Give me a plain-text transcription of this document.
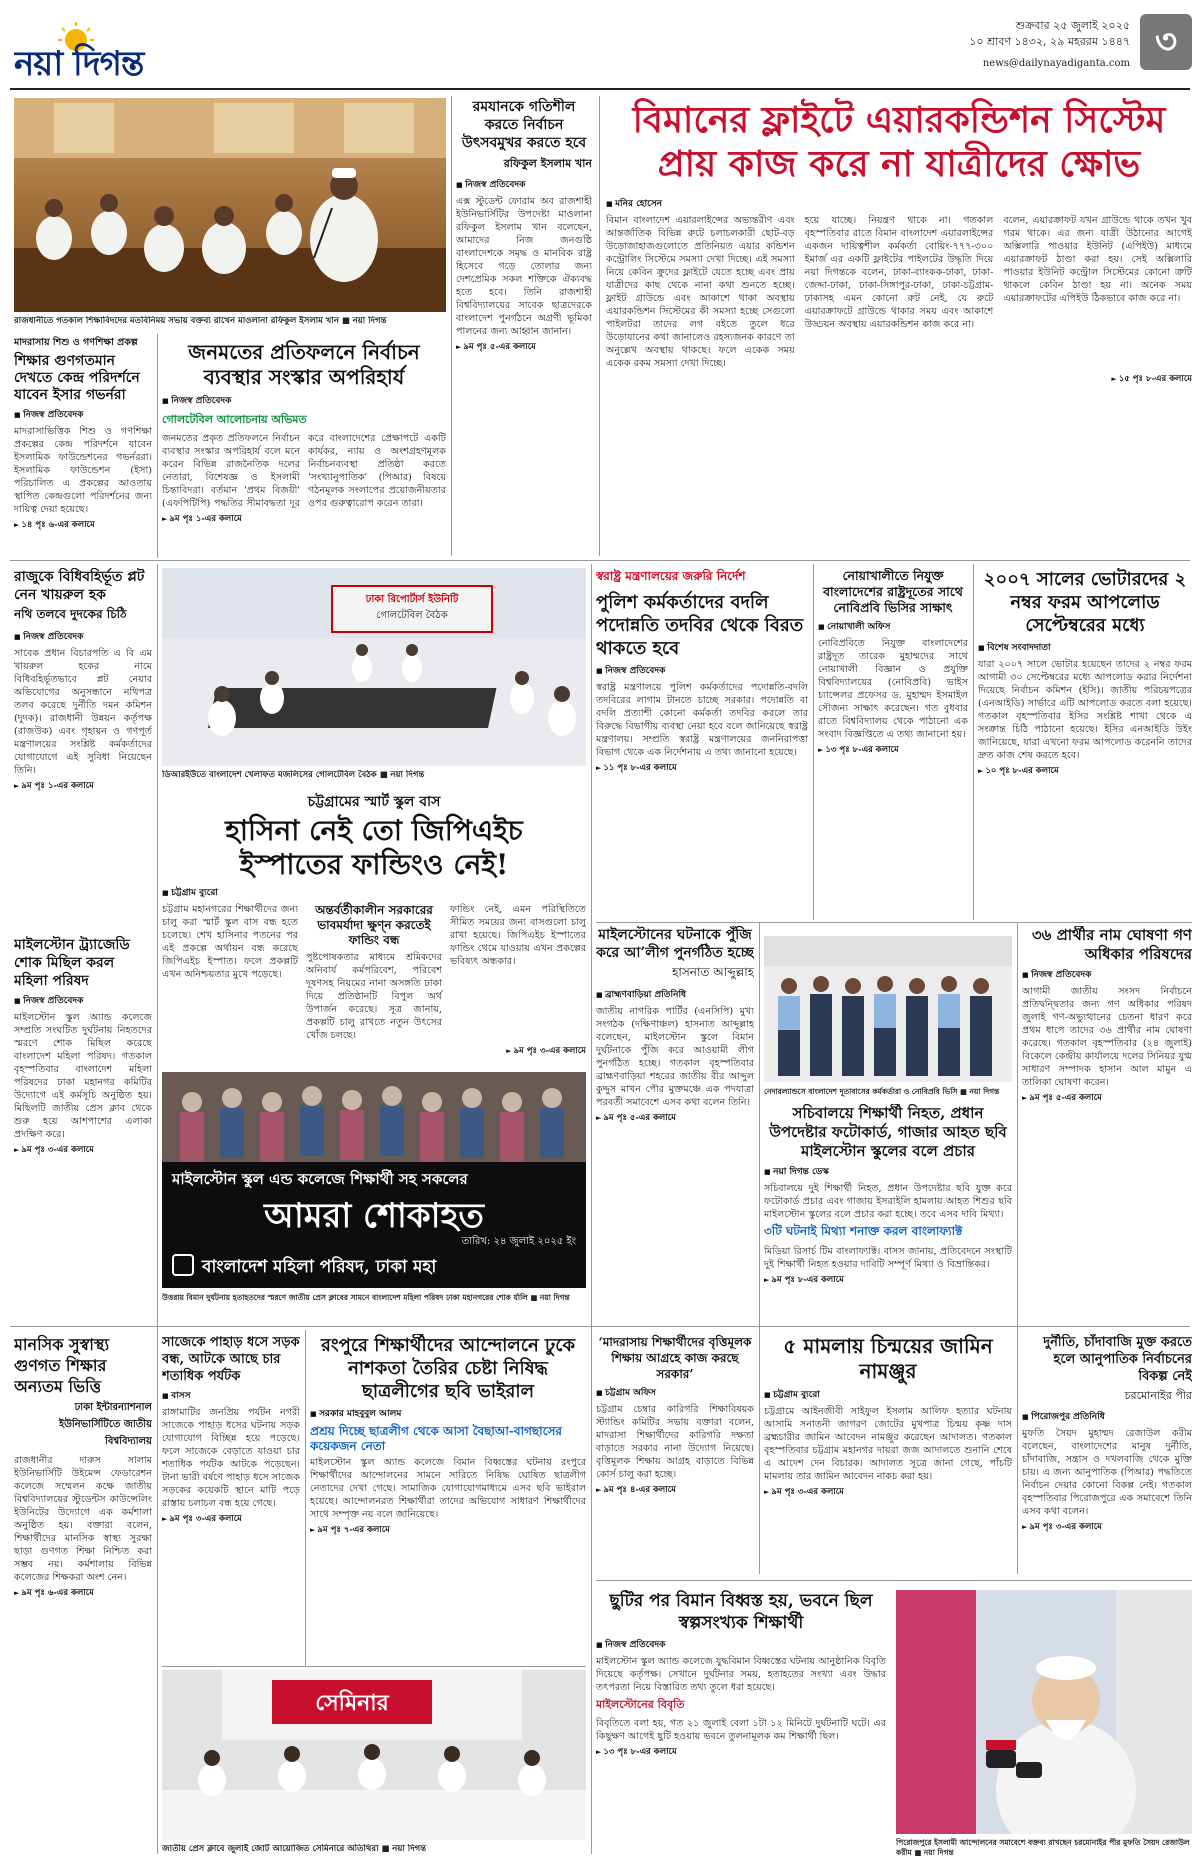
নয়া দিগন্ত
শুক্রবার ২৫ জুলাই ২০২৫
১০ শ্রাবণ ১৪৩২, ২৯ মহররম ১৪৪৭
news@dailynayadiganta.com
৩
রাজধানীতে গতকাল শিক্ষাবিদদের মতবিনিময় সভায় বক্তব্য রাখেন মাওলানা রফিকুল ইসলাম খান ■ নয়া দিগন্ত
রমযানকে গতিশীল করতে নির্বাচন উৎসবমুখর করতে হবে
রফিকুল ইসলাম খান
■ নিজস্ব প্রতিবেদক
এক্স স্টুডেন্ট ফোরাম অব রাজশাহী ইউনিভার্সিটির উপদেষ্টা মাওলানা রফিকুল ইসলাম খান বলেছেন, আমাদের নিজ জনগুষ্ঠি বাংলাদেশকে সমৃদ্ধ ও মানবিক রাষ্ট্র হিসেবে গড়ে তোলার জন্য দেশপ্রেমিক সকল শক্তিকে ঐক্যবদ্ধ হতে হবে। তিনি রাজশাহী বিশ্ববিদ্যালয়ের সাবেক ছাত্রদেরকে বাংলাদেশ পুনর্গঠনে অগ্রণী ভূমিকা পালনের জন্য আহ্বান জানান।
► ৯ম পৃঃ ৫-এর কলামে
মাদরাসায় শিশু ও গণশিক্ষা প্রকল্প
শিক্ষার গুণগতমান দেখতে কেন্দ্র পরিদর্শনে যাবেন ইসার গভর্নরা
■ নিজস্ব প্রতিবেদক
মাদরাসাভিত্তিক শিশু ও গণশিক্ষা প্রকল্পের কেন্দ্র পরিদর্শনে যাবেন ইসলামিক ফাউন্ডেশনের গভর্নররা। ইসলামিক ফাউন্ডেশন (ইসা) পরিচালিত এ প্রকল্পের আওতায় স্থাপিত কেন্দ্রগুলো পরিদর্শনের জন্য দায়িত্ব দেয়া হয়েছে।
► ১৪ পৃঃ ৬-এর কলামে
জনমতের প্রতিফলনে নির্বাচন ব্যবস্থার সংস্কার অপরিহার্য
■ নিজস্ব প্রতিবেদক
গোলটেবিল আলোচনায় অভিমত
জনমতের প্রকৃত প্রতিফলনে নির্বাচন ব্যবস্থার সংস্কার অপরিহার্য বলে মনে করেন বিভিন্ন রাজনৈতিক দলের নেতারা, বিশেষজ্ঞ ও ইসলামী চিন্তাবিদরা। বর্তমান 'প্রথম বিজয়ী' (এফপিটিপি) পদ্ধতির সীমাবদ্ধতা দূর করে বাংলাদেশের প্রেক্ষাপটে একটি কার্যকর, ন্যায় ও অংশগ্রহণমূলক নির্বাচনব্যবস্থা প্রতিষ্ঠা করতে 'সংখ্যানুপাতিক' (পিআর) বিষয়ে গঠনমূলক সংলাপের প্রয়োজনীয়তার ওপর গুরুত্বারোপ করেন তারা।
► ৯ম পৃঃ ১-এর কলামে
বিমানের ফ্লাইটে এয়ারকন্ডিশন সিস্টেম
প্রায় কাজ করে না যাত্রীদের ক্ষোভ
■ মনির হোসেন
বিমান বাংলাদেশ এয়ারলাইন্সের অভ্যন্তরীণ এবং আন্তর্জাতিক বিভিন্ন রুটে চলাচলকারী ছোট-বড় উড়োজাহাজগুলোতে প্রতিনিয়ত এয়ার কন্ডিশন কন্ট্রোলিং সিস্টেমে সমস্যা দেখা দিচ্ছে। এই সমস্যা নিয়ে কেবিন ক্রুদের ফ্লাইটে যেতে হচ্ছে এবং প্রায় যাত্রীদের কাছ থেকে নানা কথা শুনতে হচ্ছে। ফ্লাইট গ্রাউন্ডে এবং আকাশে থাকা অবস্থায় এয়ারকন্ডিশন সিস্টেমের কী সমস্যা হচ্ছে সেগুলো পাইলটরা তাদের লগ বইতে তুলে ধরে উড়োযানের কথা জানালেও রহস্যজনক কারণে তা অনুল্লেখ অবস্থায় থাকছে। ফলে একেক সময় একেক রকম সমস্যা দেখা দিচ্ছে।
হয়ে যাচ্ছে। নিয়ন্ত্রণ থাকে না। গতকাল বৃহস্পতিবার রাতে বিমান বাংলাদেশ এয়ারলাইন্সের একজন দায়িত্বশীল কর্মকর্তা বোয়িং-৭৭৭-৩০০ ইমার্জ এর একটি ফ্লাইটের পাইলটের উদ্ধৃতি দিয়ে নয়া দিগন্তকে বলেন, ঢাকা-ব্যাংকক-ঢাকা, ঢাকা-জেদ্দা-ঢাকা, ঢাকা-সিঙ্গাপুর-ঢাকা, ঢাকা-চট্টগ্রাম-ঢাকাসহ এমন কোনো রুট নেই, যে রুটে এয়ারক্রাফটে গ্রাউন্ডে থাকার সময় এবং আকাশে উড্ডয়ন অবস্থায় এয়ারকন্ডিশন কাজ করে না।
বলেন, এয়ারক্রাফট যখন গ্রাউন্ডে থাকে তখন খুব গরম থাকে। এর জন্য যাত্রী উঠানোর আগেই অক্সিলারি পাওয়ার ইউনিট (এপিইউ) মাধ্যমে এয়ারক্রাফট ঠাণ্ডা করা হয়। সেই অক্সিলারি পাওয়ার ইউনিট কন্ট্রোল সিস্টেমের কোনো ত্রুটি থাকলে কেবিন ঠাণ্ডা হয় না। অনেক সময় এয়ারক্রাফটের এপিইউ ঠিকভাবে কাজ করে না।
► ১৫ পৃঃ ৮-এর কলামে
রাজুকে বিধিবহির্ভূত প্লট নেন খায়রুল হক
নথি তলবে দুদকের চিঠি
■ নিজস্ব প্রতিবেদক
সাবেক প্রধান বিচারপতি এ বি এম খায়রুল হকের নামে বিধিবহির্ভূতভাবে প্লট নেয়ার অভিযোগের অনুসন্ধানে নথিপত্র তলব করেছে দুর্নীতি দমন কমিশন (দুদক)। রাজধানী উন্নয়ন কর্তৃপক্ষ (রাজউক) এবং গৃহায়ন ও গণপূর্ত মন্ত্রণালয়ের সংশ্লিষ্ট কর্মকর্তাদের যোগাযোগে এই সুবিধা নিয়েছেন তিনি।
► ৯ম পৃঃ ১-এর কলামে
ঢাকা রিপোর্টার্স ইউনিটি
গোলটেবিল বৈঠক
ডিআরইউতে বাংলাদেশ খেলাফত মজলিসের গোলটেবিল বৈঠক ■ নয়া দিগন্ত
স্বরাষ্ট্র মন্ত্রণালয়ের জরুরি নির্দেশ
পুলিশ কর্মকর্তাদের বদলি পদোন্নতি তদবির থেকে বিরত থাকতে হবে
■ নিজস্ব প্রতিবেদক
স্বরাষ্ট্র মন্ত্রণালয়ে পুলিশ কর্মকর্তাদের পদোন্নতি-বদলি তদবিরের লাগাম টানতে চাচ্ছে সরকার। পদোন্নতি বা বদলি প্রত্যাশী কোনো কর্মকর্তা তদবির করলে তার বিরুদ্ধে বিভাগীয় ব্যবস্থা নেয়া হবে বলে জানিয়েছে স্বরাষ্ট্র মন্ত্রণালয়। সম্প্রতি স্বরাষ্ট্র মন্ত্রণালয়ের জননিরাপত্তা বিভাগ থেকে এক নির্দেশনায় এ তথ্য জানানো হয়েছে।
► ১১ পৃঃ ৮-এর কলামে
নোয়াখালীতে নিযুক্ত বাংলাদেশের রাষ্ট্রদূতের সাথে নোবিপ্রবি ভিসির সাক্ষাৎ
■ নোয়াখালী অফিস
নোবিপ্রবিতে নিযুক্ত বাংলাদেশের রাষ্ট্রদূত তারেক মুহাম্মদের সাথে নোয়াখালী বিজ্ঞান ও প্রযুক্তি বিশ্ববিদ্যালয়ের (নোবিপ্রবি) ভাইস চ্যান্সেলর প্রফেসর ড. মুহাম্মদ ইসমাইল সৌজন্য সাক্ষাৎ করেছেন। গত বুধবার রাতে বিশ্ববিদ্যালয় থেকে পাঠানো এক সংবাদ বিজ্ঞপ্তিতে এ তথ্য জানানো হয়।
► ১৩ পৃঃ ৮-এর কলামে
২০০৭ সালের ভোটারদের ২ নম্বর ফরম আপলোড সেপ্টেম্বরের মধ্যে
■ বিশেষ সংবাদদাতা
যারা ২০০৭ সালে ভোটার হয়েছেন তাদের ২ নম্বর ফরম আগামী ৩০ সেপ্টেম্বরের মধ্যে আপলোড করার নির্দেশনা দিয়েছে নির্বাচন কমিশন (ইসি)। জাতীয় পরিচয়পত্রের (এনআইডি) সার্ভারে এটি আপলোড করতে বলা হয়েছে। গতকাল বৃহস্পতিবার ইসির সংশ্লিষ্ট শাখা থেকে এ সংক্রান্ত চিঠি পাঠানো হয়েছে। ইসির এনআইডি উইং জানিয়েছে, যারা এখনো ফরম আপলোড করেননি তাদের দ্রুত কাজ শেষ করতে হবে।
► ১০ পৃঃ ৮-এর কলামে
চট্টগ্রামের স্মার্ট স্কুল বাস
হাসিনা নেই তো জিপিএইচ
ইস্পাতের ফান্ডিংও নেই!
■ চট্টগ্রাম ব্যুরো
চট্টগ্রাম মহানগরের শিক্ষার্থীদের জন্য চালু করা স্মার্ট স্কুল বাস বন্ধ হতে চলেছে। শেখ হাসিনার পতনের পর এই প্রকল্পে অর্থায়ন বন্ধ করেছে জিপিএইচ ইস্পাত। ফলে প্রকল্পটি এখন অনিশ্চয়তার মুখে পড়েছে।
অন্তর্বর্তীকালীন সরকারের ভাবমর্যাদা ক্ষুণ্ন করতেই ফান্ডিং বন্ধ
পুষ্টপোষকতার মাধ্যমে শ্রমিকদের অনিবার্য কর্মপরিবেশ, পরিবেশ দূষণসহ নিয়মের নানা অসঙ্গতি ঢাকা দিয়ে প্রতিষ্ঠানটি বিপুল অর্থ উপার্জন করেছে। সূত্র জানায়, প্রকল্পটি চালু রাখতে নতুন উৎসের খোঁজ চলছে।
ফান্ডিং নেই, এমন পরিস্থিতিতে সীমিত সময়ের জন্য বাসগুলো চালু রাখা হয়েছে। জিপিএইচ ইস্পাতের ফান্ডিং থেমে যাওয়ায় এখন প্রকল্পের ভবিষ্যৎ অন্ধকার।
► ৯ম পৃঃ ৩-এর কলামে
মাইলস্টোন ট্র্যাজেডি শোক মিছিল করল মহিলা পরিষদ
■ নিজস্ব প্রতিবেদক
মাইলস্টোন স্কুল অ্যান্ড কলেজে সম্প্রতি সংঘটিত দুর্ঘটনায় নিহতদের স্মরণে শোক মিছিল করেছে বাংলাদেশ মহিলা পরিষদ। গতকাল বৃহস্পতিবার বাংলাদেশ মহিলা পরিষদের ঢাকা মহানগর কমিটির উদ্যোগে এই কর্মসূচি অনুষ্ঠিত হয়। মিছিলটি জাতীয় প্রেস ক্লাব থেকে শুরু হয়ে আশপাশের এলাকা প্রদক্ষিণ করে।
► ৯ম পৃঃ ৩-এর কলামে
মাইলস্টোনের ঘটনাকে পুঁজি করে আ’লীগ পুনর্গঠিত হচ্ছে
হাসনাত আব্দুল্লাহ
■ ব্রাহ্মণবাড়িয়া প্রতিনিধি
জাতীয় নাগরিক পার্টির (এনসিপি) মুখ্য সংগঠক (দক্ষিণাঞ্চল) হাসনাত আব্দুল্লাহ বলেছেন, মাইলস্টোন স্কুলে বিমান দুর্ঘটনাকে পুঁজি করে আওয়ামী লীগ পুনর্গঠিত হচ্ছে। গতকাল বৃহস্পতিবার ব্রাহ্মণবাড়িয়া শহরের জাতীয় বীর আব্দুল কুদ্দুস মাখন পৌর মুক্তমঞ্চে এক পদযাত্রা পরবর্তী সমাবেশে এসব কথা বলেন তিনি।
► ৯ম পৃঃ ৫-এর কলামে
নেদারল্যান্ডসে বাংলাদেশ দূতাবাসের কর্মকর্তারা ও নোবিপ্রবি ভিসি ■ নয়া দিগন্ত
৩৬ প্রার্থীর নাম ঘোষণা গণ অধিকার পরিষদের
■ নিজস্ব প্রতিবেদক
আগামী জাতীয় সংসদ নির্বাচনে প্রতিদ্বন্দ্বিতার জন্য গণ অধিকার পরিষদ জুলাই গণ-অভ্যুত্থানের চেতনা ধারণ করে প্রথম ধাপে তাদের ৩৬ প্রার্থীর নাম ঘোষণা করেছে। গতকাল বৃহস্পতিবার (২৪ জুলাই) বিকেলে কেন্দ্রীয় কার্যালয়ে দলের সিনিয়র যুগ্ম সাধারণ সম্পাদক হাসান আল মামুন এ তালিকা ঘোষণা করেন।
► ৯ম পৃঃ ৫-এর কলামে
সচিবালয়ে শিক্ষার্থী নিহত, প্রধান উপদেষ্টার ফটোকার্ড, গাজার আহত ছবি মাইলস্টোন স্কুলের বলে প্রচার
■ নয়া দিগন্ত ডেস্ক
সচিবালয়ে দুই শিক্ষার্থী নিহত, প্রধান উপদেষ্টার ছবি যুক্ত করে ফটোকার্ড প্রচার এবং গাজায় ইসরাইলি হামলায় আহত শিশুর ছবি মাইলস্টোন স্কুলের বলে প্রচার করা হচ্ছে। তবে এসব দাবি মিথ্যা।
৩টি ঘটনাই মিথ্যা শনাক্ত করল বাংলাফ্যাক্ট
মিডিয়া রিসার্চ টিম বাংলাফ্যাক্ট। বাসস জানায়, প্রতিবেদনে সংস্থাটি দুই শিক্ষার্থী নিহত হওয়ার দাবিটি সম্পূর্ণ মিথ্যা ও বিভ্রান্তিকর।
► ৯ম পৃঃ ৮-এর কলামে
মাইলস্টোন স্কুল এন্ড কলেজে শিক্ষার্থী সহ সকলের
আমরা শোকাহত
তারিখ: ২৪ জুলাই ২০২৫ ইং
বাংলাদেশ মহিলা পরিষদ, ঢাকা মহা
উত্তরায় বিমান দুর্ঘটনায় হতাহতদের স্মরণে জাতীয় প্রেস ক্লাবের সামনে বাংলাদেশ মহিলা পরিষদ ঢাকা মহানগরের শোক র্যালি ■ নয়া দিগন্ত
মানসিক সুস্বাস্থ্য গুণগত শিক্ষার অন্যতম ভিত্তি
ঢাকা ইন্টারন্যাশনাল ইউনিভার্সিটিতে জাতীয় বিশ্ববিদ্যালয়
রাজধানীর দারুস সালাম ইউনিভার্সিটি উইমেন্স ফেডারেশন কলেজে সম্মেলন কক্ষে জাতীয় বিশ্ববিদ্যালয়ের স্টুডেন্টস কাউন্সেলিং ইউনিটের উদ্যোগে এক কর্মশালা অনুষ্ঠিত হয়। বক্তারা বলেন, শিক্ষার্থীদের মানসিক স্বাস্থ্য সুরক্ষা ছাড়া গুণগত শিক্ষা নিশ্চিত করা সম্ভব নয়। কর্মশালায় বিভিন্ন কলেজের শিক্ষকরা অংশ নেন।
► ৯ম পৃঃ ৬-এর কলামে
সাজেকে পাহাড় ধসে সড়ক বন্ধ, আটকে আছে চার শতাধিক পর্যটক
■ বাসস
রাঙ্গামাটির জনপ্রিয় পর্যটন নগরী সাজেকে পাহাড় ধসের ঘটনায় সড়ক যোগাযোগ বিচ্ছিন্ন হয়ে পড়েছে। ফলে সাজেকে বেড়াতে যাওয়া চার শতাধিক পর্যটক আটকে পড়েছেন। টানা ভারী বর্ষণে পাহাড় ধসে সাজেক সড়কের কয়েকটি স্থানে মাটি পড়ে রাস্তায় চলাচল বন্ধ হয়ে গেছে।
► ৯ম পৃঃ ৩-এর কলামে
রংপুরে শিক্ষার্থীদের আন্দোলনে ঢুকে নাশকতা তৈরির চেষ্টা নিষিদ্ধ ছাত্রলীগের ছবি ভাইরাল
■ সরকার মাহবুবুল আলম
প্রশ্রয় দিচ্ছে ছাত্রলীগ থেকে আসা বৈছাআ-বাগছাসের কয়েকজন নেতা
মাইলস্টোন স্কুল অ্যান্ড কলেজে বিমান বিধ্বস্তের ঘটনায় রংপুরে শিক্ষার্থীদের আন্দোলনের সামনে সারিতে নিষিদ্ধ ঘোষিত ছাত্রলীগ নেতাদের দেখা গেছে। সামাজিক যোগাযোগমাধ্যমে এসব ছবি ভাইরাল হয়েছে। আন্দোলনরত শিক্ষার্থীরা তাদের অভিযোগ সাধারণ শিক্ষার্থীদের সাথে সম্পৃক্ত নয় বলে জানিয়েছে।
► ৯ম পৃঃ ৭-এর কলামে
‘মাদরাসায় শিক্ষার্থীদের বৃত্তিমূলক শিক্ষায় আগ্রহে কাজ করছে সরকার’
■ চট্টগ্রাম অফিস
চট্টগ্রাম চেম্বার কারিগরি শিক্ষাবিষয়ক স্ট্যান্ডিং কমিটির সভায় বক্তারা বলেন, মাদরাসা শিক্ষার্থীদের কারিগরি দক্ষতা বাড়াতে সরকার নানা উদ্যোগ নিয়েছে। বৃত্তিমূলক শিক্ষায় আগ্রহ বাড়াতে বিভিন্ন কোর্স চালু করা হচ্ছে।
► ৯ম পৃঃ ৪-এর কলামে
৫ মামলায় চিন্ময়ের জামিন নামঞ্জুর
■ চট্টগ্রাম ব্যুরো
চট্টগ্রামে আইনজীবী সাইফুল ইসলাম আলিফ হত্যার ঘটনায় আসামি সনাতনী জাগরণ জোটের মুখপাত্র চিন্ময় কৃষ্ণ দাস ব্রহ্মচারীর জামিন আবেদন নামঞ্জুর করেছেন আদালত। গতকাল বৃহস্পতিবার চট্টগ্রাম মহানগর দায়রা জজ আদালতে শুনানি শেষে এ আদেশ দেন বিচারক। আদালত সূত্রে জানা গেছে, পাঁচটি মামলায় তার জামিন আবেদন নাকচ করা হয়।
► ৯ম পৃঃ ৩-এর কলামে
দুর্নীতি, চাঁদাবাজি মুক্ত করতে হলে আনুপাতিক নির্বাচনের বিকল্প নেই
চরমোনাইর পীর
■ পিরোজপুর প্রতিনিধি
মুফতি সৈয়দ মুহাম্মদ রেজাউল করীম বলেছেন, বাংলাদেশের মানুষ দুর্নীতি, চাঁদাবাজি, সন্ত্রাস ও দখলবাজি থেকে মুক্তি চায়। এ জন্য আনুপাতিক (পিআর) পদ্ধতিতে নির্বাচন দেয়ার কোনো বিকল্প নেই। গতকাল বৃহস্পতিবার পিরোজপুরে এক সমাবেশে তিনি এসব কথা বলেন।
► ৯ম পৃঃ ৩-এর কলামে
সেমিনার
জাতীয় প্রেস ক্লাবে জুলাই জোট আয়োজিত সেমিনারে অতিথিরা ■ নয়া দিগন্ত
ছুটির পর বিমান বিধ্বস্ত হয়, ভবনে ছিল স্বল্পসংখ্যক শিক্ষার্থী
■ নিজস্ব প্রতিবেদক
মাইলস্টোন স্কুল অ্যান্ড কলেজে যুদ্ধবিমান বিধ্বস্তের ঘটনায় আনুষ্ঠানিক বিবৃতি দিয়েছে কর্তৃপক্ষ। সেখানে দুর্ঘটনার সময়, হতাহতের সংখ্যা এবং উদ্ধার তৎপরতা নিয়ে বিস্তারিত তথ্য তুলে ধরা হয়েছে।
মাইলস্টোনের বিবৃতি
বিবৃতিতে বলা হয়, গত ২১ জুলাই বেলা ১টা ১২ মিনিটে দুর্ঘটনাটি ঘটে। এর কিছুক্ষণ আগেই ছুটি হওয়ায় ভবনে তুলনামূলক কম শিক্ষার্থী ছিল।
► ১৩ পৃঃ ৮-এর কলামে
পিরোজপুরে ইসলামী আন্দোলনের সমাবেশে বক্তব্য রাখছেন চরমোনাইর পীর মুফতি সৈয়দ রেজাউল করীম ■ নয়া দিগন্ত
